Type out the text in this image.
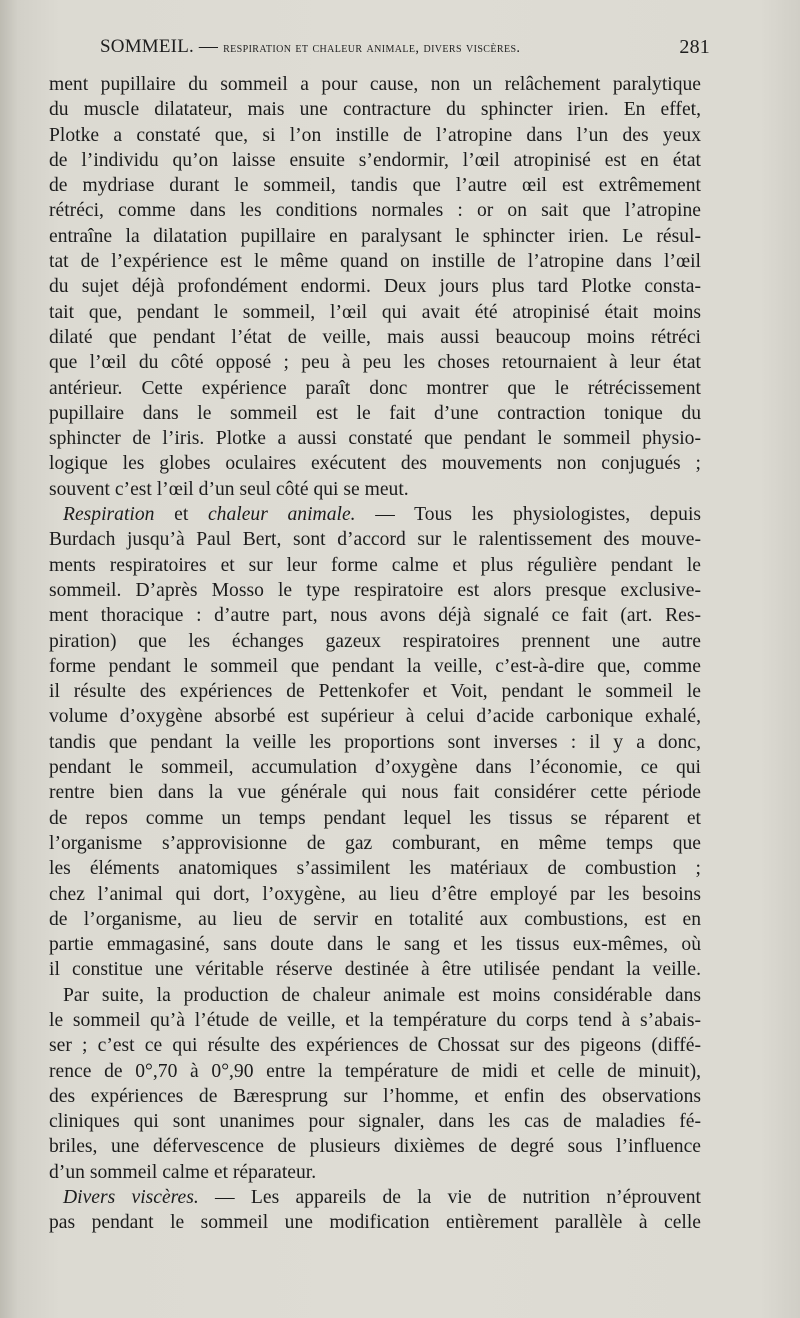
SOMMEIL. — respiration et chaleur animale, divers viscères.	281
ment pupillaire du sommeil a pour cause, non un relâchement paralytique
du muscle dilatateur, mais une contracture du sphincter irien. En effet,
Plotke a constaté que, si l’on instille de l’atropine dans l’un des yeux
de l’individu qu’on laisse ensuite s’endormir, l’œil atropinisé est en état
de mydriase durant le sommeil, tandis que l’autre œil est extrêmement
rétréci, comme dans les conditions normales : or on sait que l’atropine
entraîne la dilatation pupillaire en paralysant le sphincter irien. Le résul-
tat de l’expérience est le même quand on instille de l’atropine dans l’œil
du sujet déjà profondément endormi. Deux jours plus tard Plotke consta-
tait que, pendant le sommeil, l’œil qui avait été atropinisé était moins
dilaté que pendant l’état de veille, mais aussi beaucoup moins rétréci
que l’œil du côté opposé ; peu à peu les choses retournaient à leur état
antérieur. Cette expérience paraît donc montrer que le rétrécissement
pupillaire dans le sommeil est le fait d’une contraction tonique du
sphincter de l’iris. Plotke a aussi constaté que pendant le sommeil physio-
logique les globes oculaires exécutent des mouvements non conjugués ;
souvent c’est l’œil d’un seul côté qui se meut.
Respiration et chaleur animale. — Tous les physiologistes, depuis
Burdach jusqu’à Paul Bert, sont d’accord sur le ralentissement des mouve-
ments respiratoires et sur leur forme calme et plus régulière pendant le
sommeil. D’après Mosso le type respiratoire est alors presque exclusive-
ment thoracique : d’autre part, nous avons déjà signalé ce fait (art. Res-
piration) que les échanges gazeux respiratoires prennent une autre
forme pendant le sommeil que pendant la veille, c’est-à-dire que, comme
il résulte des expériences de Pettenkofer et Voit, pendant le sommeil le
volume d’oxygène absorbé est supérieur à celui d’acide carbonique exhalé,
tandis que pendant la veille les proportions sont inverses : il y a donc,
pendant le sommeil, accumulation d’oxygène dans l’économie, ce qui
rentre bien dans la vue générale qui nous fait considérer cette période
de repos comme un temps pendant lequel les tissus se réparent et
l’organisme s’approvisionne de gaz comburant, en même temps que
les éléments anatomiques s’assimilent les matériaux de combustion ;
chez l’animal qui dort, l’oxygène, au lieu d’être employé par les besoins
de l’organisme, au lieu de servir en totalité aux combustions, est en
partie emmagasiné, sans doute dans le sang et les tissus eux-mêmes, où
il constitue une véritable réserve destinée à être utilisée pendant la veille.
Par suite, la production de chaleur animale est moins considérable dans
le sommeil qu’à l’étude de veille, et la température du corps tend à s’abais-
ser ; c’est ce qui résulte des expériences de Chossat sur des pigeons (diffé-
rence de 0°,70 à 0°,90 entre la température de midi et celle de minuit),
des expériences de Bæresprung sur l’homme, et enfin des observations
cliniques qui sont unanimes pour signaler, dans les cas de maladies fé-
briles, une défervescence de plusieurs dixièmes de degré sous l’influence
d’un sommeil calme et réparateur.
Divers viscères. — Les appareils de la vie de nutrition n’éprouvent
pas pendant le sommeil une modification entièrement parallèle à celle
